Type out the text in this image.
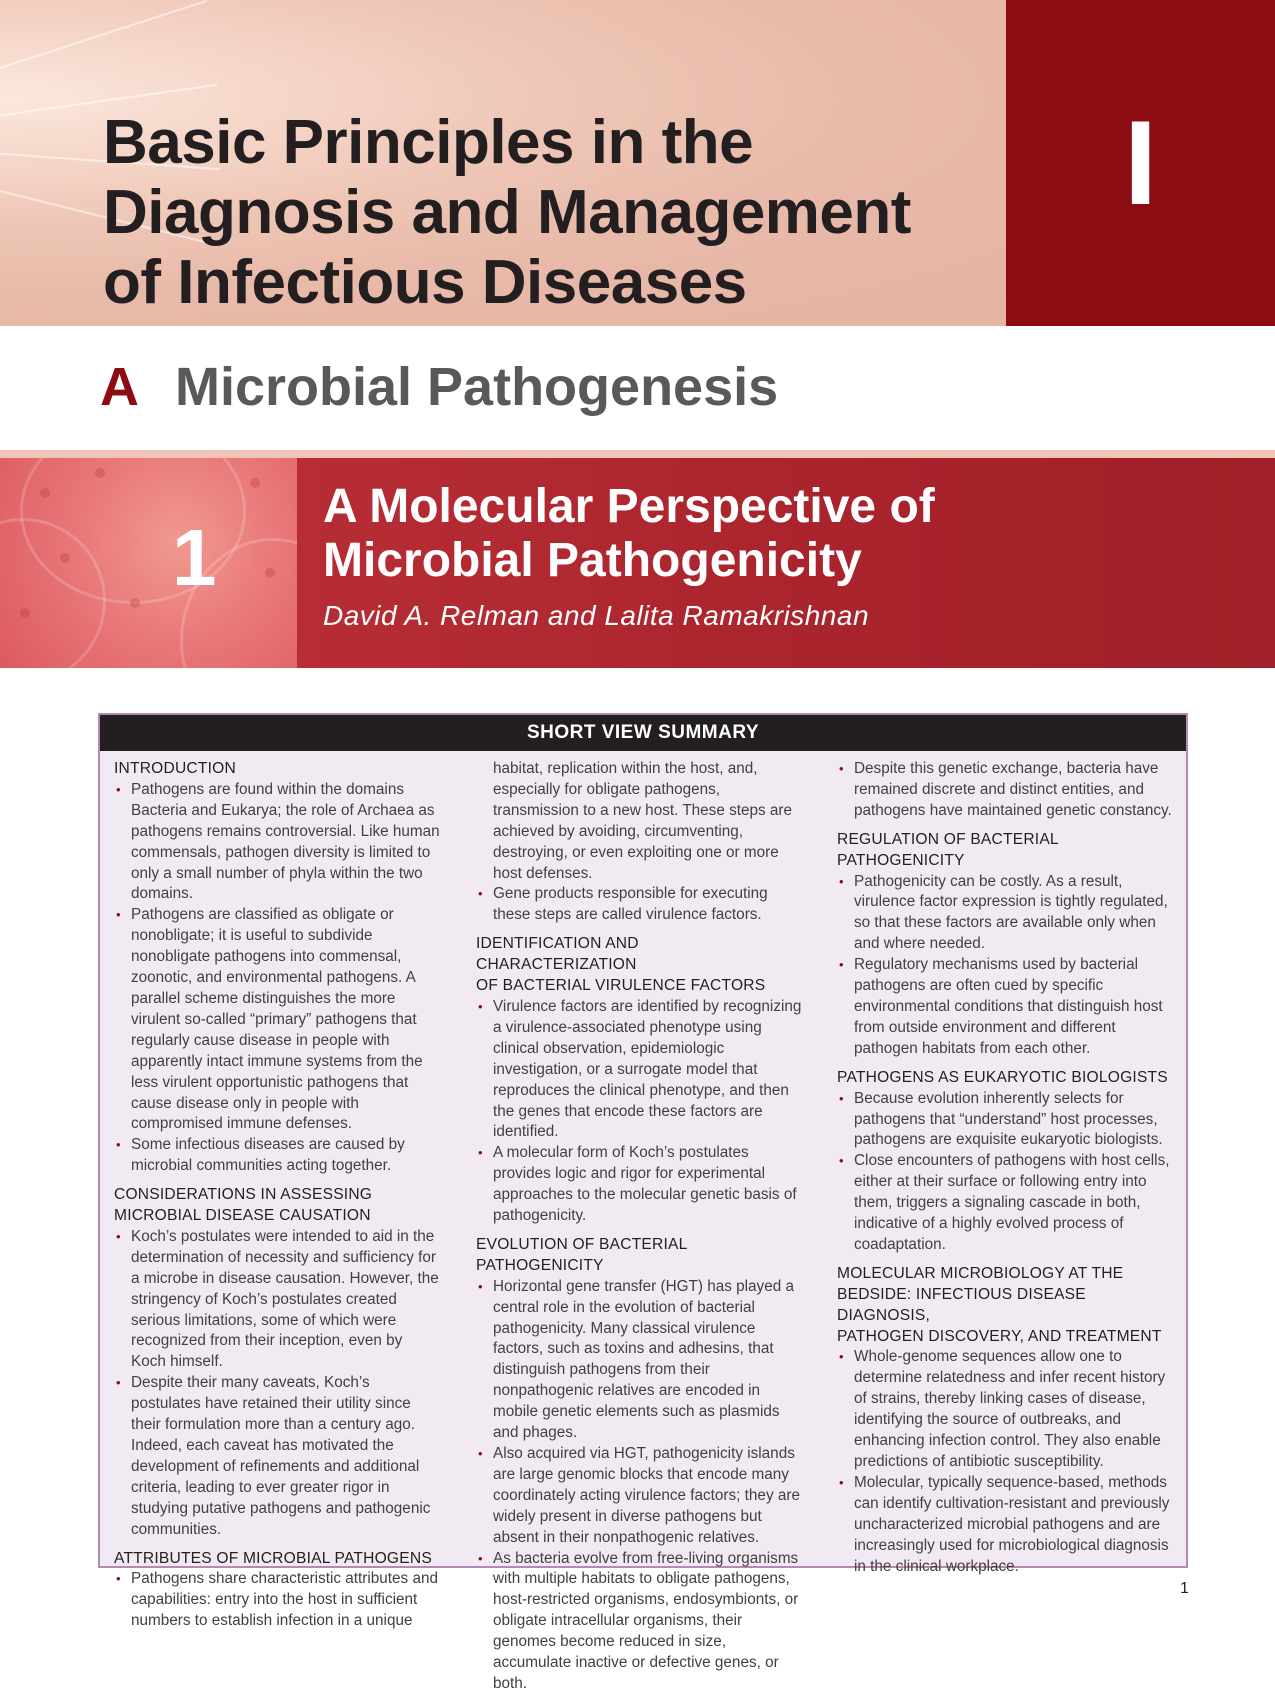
Basic Principles in the
Diagnosis and Management
of Infectious Diseases
I
A Microbial Pathogenesis
1
A Molecular Perspective of
Microbial Pathogenicity
David A. Relman and Lalita Ramakrishnan
SHORT VIEW SUMMARY
INTRODUCTION
• Pathogens are found within the domains Bacteria and Eukarya; the role of Archaea as pathogens remains controversial. Like human commensals, pathogen diversity is limited to only a small number of phyla within the two domains.
• Pathogens are classified as obligate or nonobligate; it is useful to subdivide nonobligate pathogens into commensal, zoonotic, and environmental pathogens. A parallel scheme distinguishes the more virulent so-called “primary” pathogens that regularly cause disease in people with apparently intact immune systems from the less virulent opportunistic pathogens that cause disease only in people with compromised immune defenses.
• Some infectious diseases are caused by microbial communities acting together.
CONSIDERATIONS IN ASSESSING
MICROBIAL DISEASE CAUSATION
• Koch’s postulates were intended to aid in the determination of necessity and sufficiency for a microbe in disease causation. However, the stringency of Koch’s postulates created serious limitations, some of which were recognized from their inception, even by Koch himself.
• Despite their many caveats, Koch’s postulates have retained their utility since their formulation more than a century ago. Indeed, each caveat has motivated the development of refinements and additional criteria, leading to ever greater rigor in studying putative pathogens and pathogenic communities.
ATTRIBUTES OF MICROBIAL PATHOGENS
• Pathogens share characteristic attributes and capabilities: entry into the host in sufficient numbers to establish infection in a unique
habitat, replication within the host, and, especially for obligate pathogens, transmission to a new host. These steps are achieved by avoiding, circumventing, destroying, or even exploiting one or more host defenses.
• Gene products responsible for executing these steps are called virulence factors.
IDENTIFICATION AND CHARACTERIZATION
OF BACTERIAL VIRULENCE FACTORS
• Virulence factors are identified by recognizing a virulence-associated phenotype using clinical observation, epidemiologic investigation, or a surrogate model that reproduces the clinical phenotype, and then the genes that encode these factors are identified.
• A molecular form of Koch’s postulates provides logic and rigor for experimental approaches to the molecular genetic basis of pathogenicity.
EVOLUTION OF BACTERIAL PATHOGENICITY
• Horizontal gene transfer (HGT) has played a central role in the evolution of bacterial pathogenicity. Many classical virulence factors, such as toxins and adhesins, that distinguish pathogens from their nonpathogenic relatives are encoded in mobile genetic elements such as plasmids and phages.
• Also acquired via HGT, pathogenicity islands are large genomic blocks that encode many coordinately acting virulence factors; they are widely present in diverse pathogens but absent in their nonpathogenic relatives.
• As bacteria evolve from free-living organisms with multiple habitats to obligate pathogens, host-restricted organisms, endosymbionts, or obligate intracellular organisms, their genomes become reduced in size, accumulate inactive or defective genes, or both.
• Despite this genetic exchange, bacteria have remained discrete and distinct entities, and pathogens have maintained genetic constancy.
REGULATION OF BACTERIAL
PATHOGENICITY
• Pathogenicity can be costly. As a result, virulence factor expression is tightly regulated, so that these factors are available only when and where needed.
• Regulatory mechanisms used by bacterial pathogens are often cued by specific environmental conditions that distinguish host from outside environment and different pathogen habitats from each other.
PATHOGENS AS EUKARYOTIC BIOLOGISTS
• Because evolution inherently selects for pathogens that “understand” host processes, pathogens are exquisite eukaryotic biologists.
• Close encounters of pathogens with host cells, either at their surface or following entry into them, triggers a signaling cascade in both, indicative of a highly evolved process of coadaptation.
MOLECULAR MICROBIOLOGY AT THE
BEDSIDE: INFECTIOUS DISEASE DIAGNOSIS,
PATHOGEN DISCOVERY, AND TREATMENT
• Whole-genome sequences allow one to determine relatedness and infer recent history of strains, thereby linking cases of disease, identifying the source of outbreaks, and enhancing infection control. They also enable predictions of antibiotic susceptibility.
• Molecular, typically sequence-based, methods can identify cultivation-resistant and previously uncharacterized microbial pathogens and are increasingly used for microbiological diagnosis in the clinical workplace.
1
